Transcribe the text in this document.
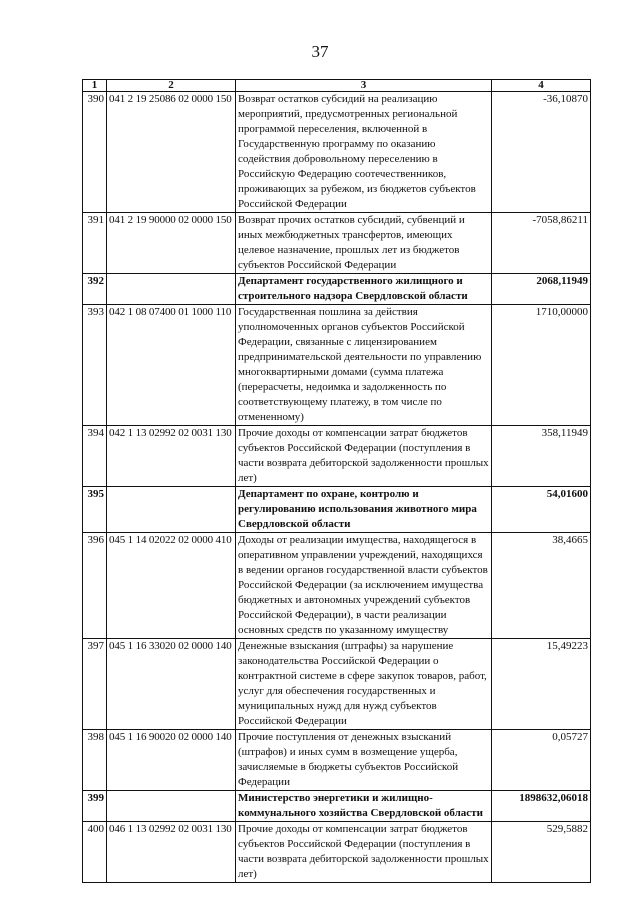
37
1	2	3	4
390	041 2 19 25086 02 0000 150	Возврат остатков субсидий на реализацию мероприятий, предусмотренных региональной программой переселения, включенной в Государственную программу по оказанию содействия добровольному переселению в Российскую Федерацию соотечественников, проживающих за рубежом, из бюджетов субъектов Российской Федерации	-36,10870
391	041 2 19 90000 02 0000 150	Возврат прочих остатков субсидий, субвенций и иных межбюджетных трансфертов, имеющих целевое назначение, прошлых лет из бюджетов субъектов Российской Федерации	-7058,86211
392		Департамент государственного жилищного и строительного надзора Свердловской области	2068,11949
393	042 1 08 07400 01 1000 110	Государственная пошлина за действия уполномоченных органов субъектов Российской Федерации, связанные с лицензированием предпринимательской деятельности по управлению многоквартирными домами (сумма платежа (перерасчеты, недоимка и задолженность по соответствующему платежу, в том числе по отмененному)	1710,00000
394	042 1 13 02992 02 0031 130	Прочие доходы от компенсации затрат бюджетов субъектов Российской Федерации (поступления в части возврата дебиторской задолженности прошлых лет)	358,11949
395		Департамент по охране, контролю и регулированию использования животного мира Свердловской области	54,01600
396	045 1 14 02022 02 0000 410	Доходы от реализации имущества, находящегося в оперативном управлении учреждений, находящихся в ведении органов государственной власти субъектов Российской Федерации (за исключением имущества бюджетных и автономных учреждений субъектов Российской Федерации), в части реализации основных средств по указанному имуществу	38,4665
397	045 1 16 33020 02 0000 140	Денежные взыскания (штрафы) за нарушение законодательства Российской Федерации о контрактной системе в сфере закупок товаров, работ, услуг для обеспечения государственных и муниципальных нужд для нужд субъектов Российской Федерации	15,49223
398	045 1 16 90020 02 0000 140	Прочие поступления от денежных взысканий (штрафов) и иных сумм в возмещение ущерба, зачисляемые в бюджеты субъектов Российской Федерации	0,05727
399		Министерство энергетики и жилищно-коммунального хозяйства Свердловской области	1898632,06018
400	046 1 13 02992 02 0031 130	Прочие доходы от компенсации затрат бюджетов субъектов Российской Федерации (поступления в части возврата дебиторской задолженности прошлых лет)	529,5882
